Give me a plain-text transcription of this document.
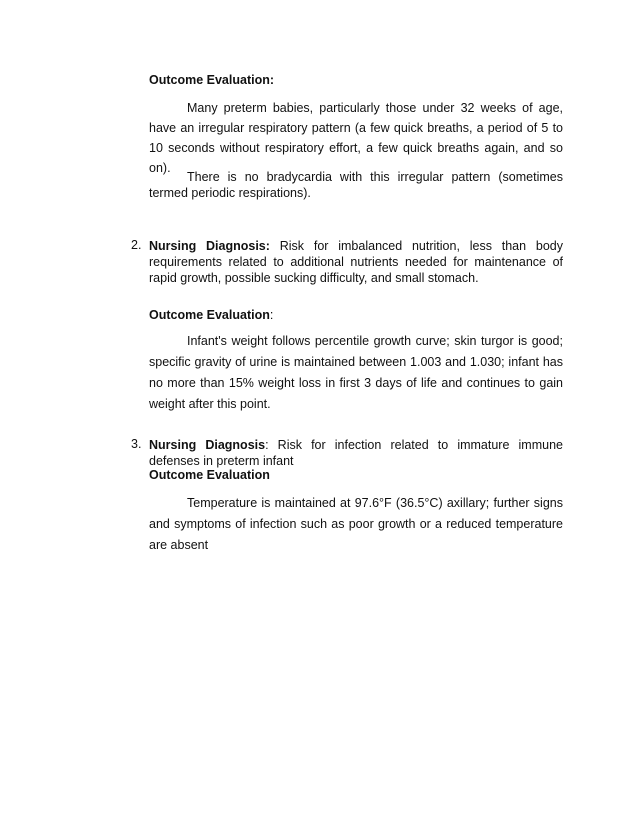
Outcome Evaluation:
Many preterm babies, particularly those under 32 weeks of age, have an irregular respiratory pattern (a few quick breaths, a period of 5 to 10 seconds without respiratory effort, a few quick breaths again, and so on).
There is no bradycardia with this irregular pattern (sometimes termed periodic respirations).
2. Nursing Diagnosis: Risk for imbalanced nutrition, less than body requirements related to additional nutrients needed for maintenance of rapid growth, possible sucking difficulty, and small stomach.
Outcome Evaluation:
Infant's weight follows percentile growth curve; skin turgor is good; specific gravity of urine is maintained between 1.003 and 1.030; infant has no more than 15% weight loss in first 3 days of life and continues to gain weight after this point.
3. Nursing Diagnosis: Risk for infection related to immature immune defenses in preterm infant
Outcome Evaluation
Temperature is maintained at 97.6°F (36.5°C) axillary; further signs and symptoms of infection such as poor growth or a reduced temperature are absent
